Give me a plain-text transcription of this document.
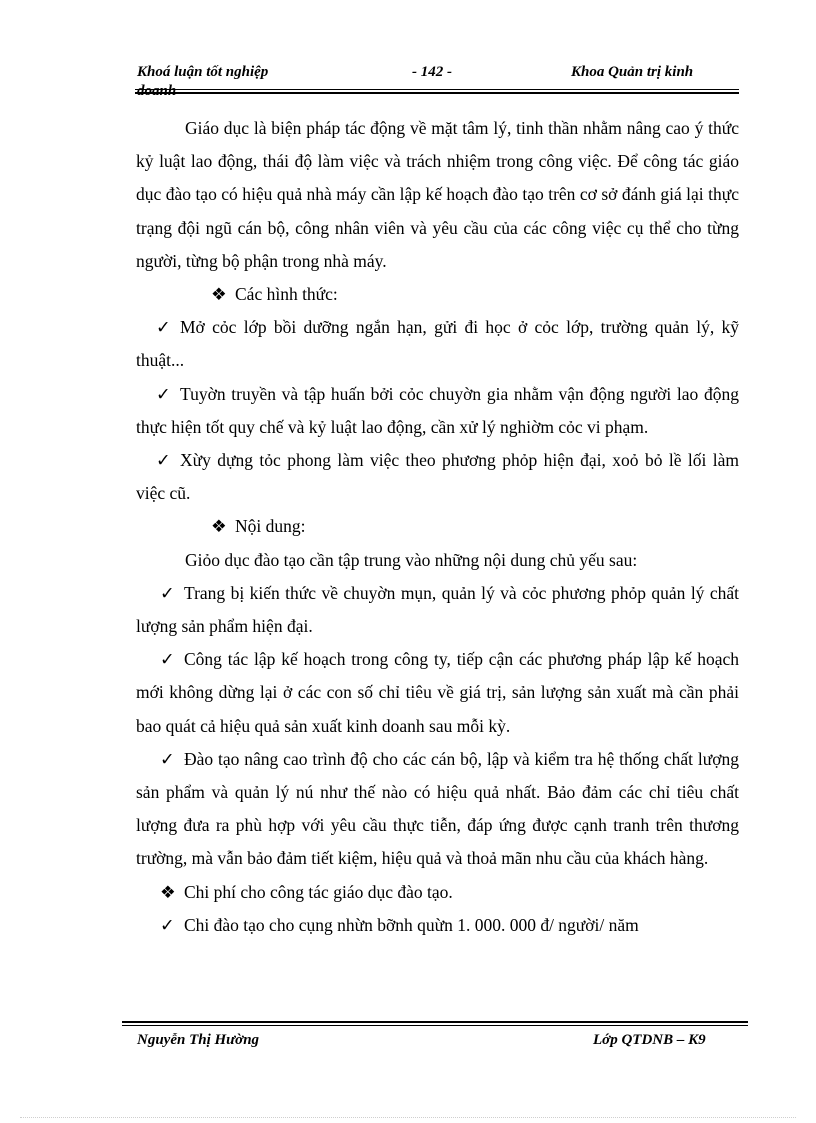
Khoá luận tốt nghiệp	- 142 -	Khoa Quản trị kinh
doanh

Giáo dục là biện pháp tác động về mặt tâm lý, tinh thần nhằm nâng cao ý thức kỷ luật lao động, thái độ làm việc và trách nhiệm trong công việc. Để công tác giáo dục đào tạo có hiệu quả nhà máy cần lập kế hoạch đào tạo trên cơ sở đánh giá lại thực trạng đội ngũ cán bộ, công nhân viên và yêu cầu của các công việc cụ thể cho từng người, từng bộ phận trong nhà máy.

❖ Các hình thức:

✓ Mở cỏc lớp bồi dưỡng ngắn hạn, gửi đi học ở cỏc lớp, trường quản lý, kỹ thuật...

✓ Tuyờn truyền và tập huấn bởi cỏc chuyờn gia nhằm vận động người lao động thực hiện tốt quy chế và kỷ luật lao động, cần xử lý nghiờm cỏc vi phạm.

✓ Xừy dựng tỏc phong làm việc theo phương phỏp hiện đại, xoỏ bỏ lề lối làm việc cũ.

❖ Nội dung:

Giỏo dục đào tạo cần tập trung vào những nội dung chủ yếu sau:

✓ Trang bị kiến thức về chuyờn mụn, quản lý và cỏc phương phỏp quản lý chất lượng sản phẩm hiện đại.

✓ Công tác lập kế hoạch trong công ty, tiếp cận các phương pháp lập kế hoạch mới không dừng lại ở các con số chỉ tiêu về giá trị, sản lượng sản xuất mà cần phải bao quát cả hiệu quả sản xuất kinh doanh sau mỗi kỳ.

✓ Đào tạo nâng cao trình độ cho các cán bộ, lập và kiểm tra hệ thống chất lượng sản phẩm và quản lý nú như thế nào có hiệu quả nhất. Bảo đảm các chỉ tiêu chất lượng đưa ra phù hợp với yêu cầu thực tiễn, đáp ứng được cạnh tranh trên thương trường, mà vẫn bảo đảm tiết kiệm, hiệu quả và thoả mãn nhu cầu của khách hàng.

❖ Chi phí cho công tác giáo dục đào tạo.

✓ Chi đào tạo cho cụng nhừn bỡnh quừn 1. 000. 000 đ/ người/ năm

Nguyễn Thị Hường	Lớp QTDNB – K9
